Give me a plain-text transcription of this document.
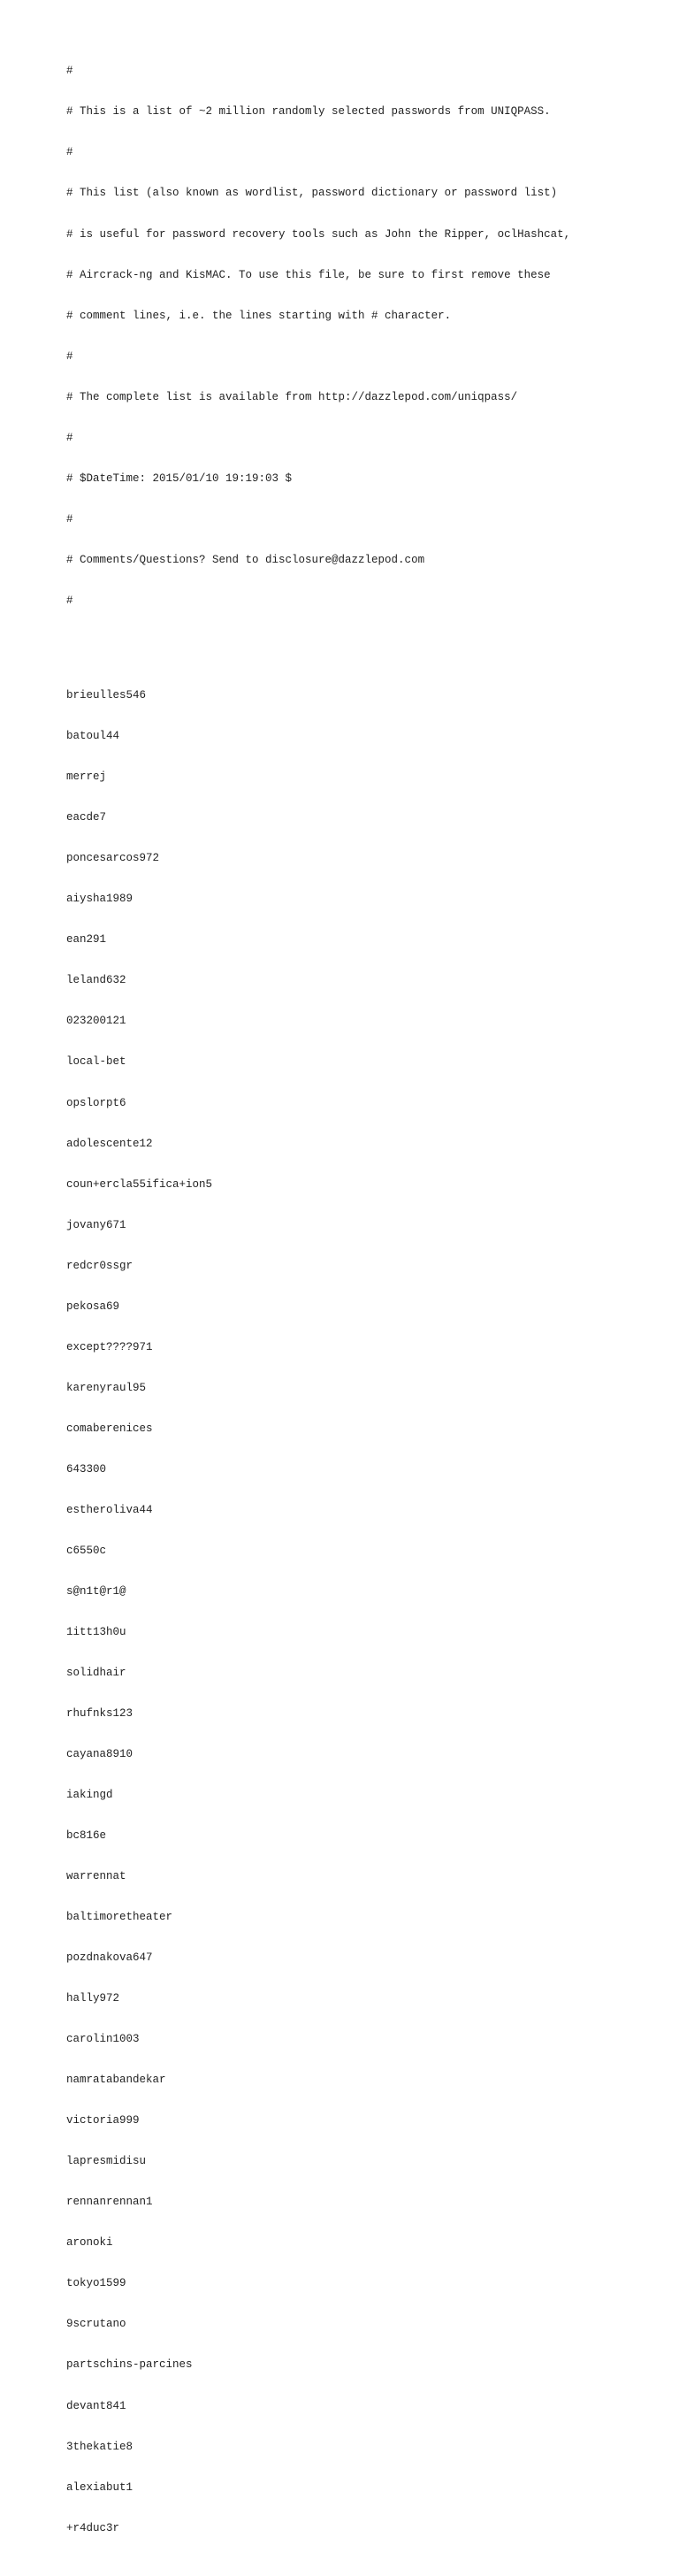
#

# This is a list of ~2 million randomly selected passwords from UNIQPASS.

#

# This list (also known as wordlist, password dictionary or password list)

# is useful for password recovery tools such as John the Ripper, oclHashcat,

# Aircrack-ng and KisMAC. To use this file, be sure to first remove these

# comment lines, i.e. the lines starting with # character.

#

# The complete list is available from http://dazzlepod.com/uniqpass/

#

# $DateTime: 2015/01/10 19:19:03 $

#

# Comments/Questions? Send to disclosure@dazzlepod.com

#

brieulles546

batoul44

merrej

eacde7

poncesarcos972

aiysha1989

ean291

leland632

023200121

local-bet

opslorpt6

adolescente12

coun+ercla55ifica+ion5

jovany671

redcr0ssgr

pekosa69

except????971

karenyraul95

comaberenices

643300

estheroliva44

c6550c

s@n1t@r1@

1itt13h0u

solidhair

rhufnks123

cayana8910

iakingd

bc816e

warrennat

baltimoretheater

pozdnakova647

hally972

carolin1003

namratabandekar

victoria999

lapresmidisu

rennanrennan1

aronoki

tokyo1599

9scrutano

partschins-parcines

devant841

3thekatie8

alexiabut1

+r4duc3r
